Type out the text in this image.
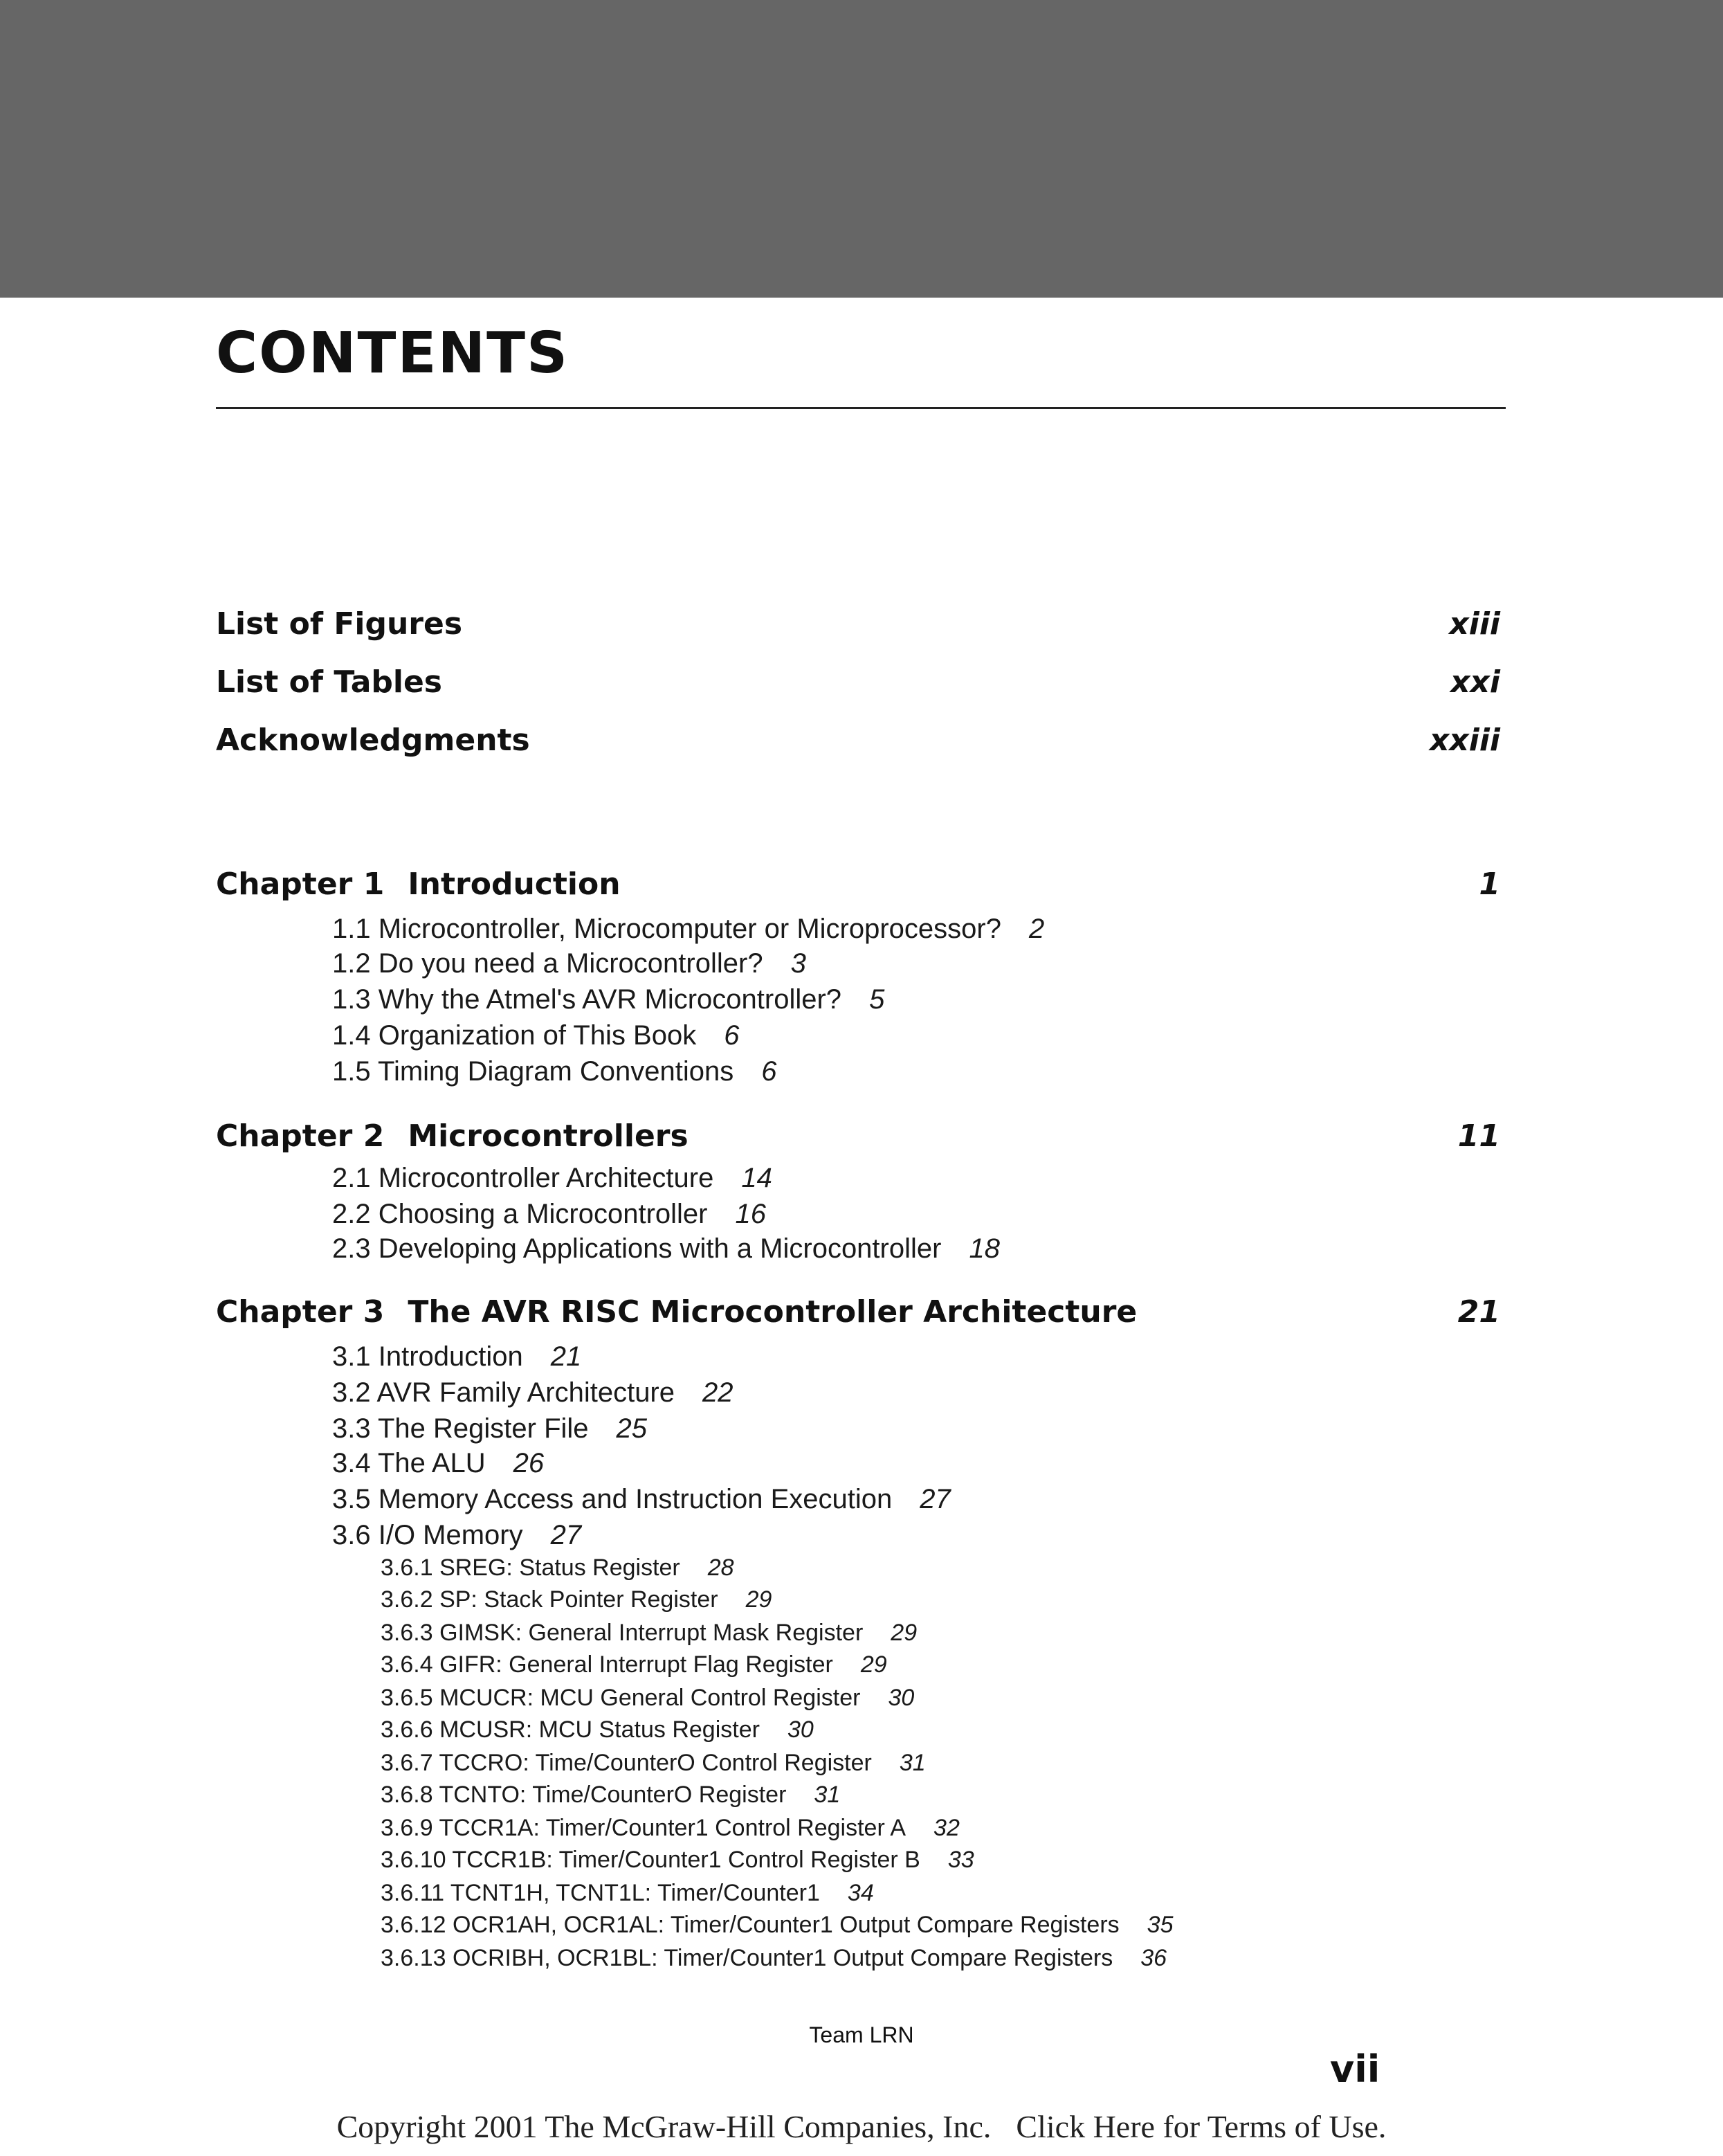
CONTENTS
List of Figures	xiii
List of Tables	xxi
Acknowledgments	xxiii
Chapter 1 Introduction	1
1.1 Microcontroller, Microcomputer or Microprocessor? 2
1.2 Do you need a Microcontroller? 3
1.3 Why the Atmel's AVR Microcontroller? 5
1.4 Organization of This Book 6
1.5 Timing Diagram Conventions 6
Chapter 2 Microcontrollers	11
2.1 Microcontroller Architecture 14
2.2 Choosing a Microcontroller 16
2.3 Developing Applications with a Microcontroller 18
Chapter 3 The AVR RISC Microcontroller Architecture	21
3.1 Introduction 21
3.2 AVR Family Architecture 22
3.3 The Register File 25
3.4 The ALU 26
3.5 Memory Access and Instruction Execution 27
3.6 I/O Memory 27
3.6.1 SREG: Status Register 28
3.6.2 SP: Stack Pointer Register 29
3.6.3 GIMSK: General Interrupt Mask Register 29
3.6.4 GIFR: General Interrupt Flag Register 29
3.6.5 MCUCR: MCU General Control Register 30
3.6.6 MCUSR: MCU Status Register 30
3.6.7 TCCRO: Time/CounterO Control Register 31
3.6.8 TCNTO: Time/CounterO Register 31
3.6.9 TCCR1A: Timer/Counter1 Control Register A 32
3.6.10 TCCR1B: Timer/Counter1 Control Register B 33
3.6.11 TCNT1H, TCNT1L: Timer/Counter1 34
3.6.12 OCR1AH, OCR1AL: Timer/Counter1 Output Compare Registers 35
3.6.13 OCRIBH, OCR1BL: Timer/Counter1 Output Compare Registers 36
Team LRN
vii
Copyright 2001 The McGraw-Hill Companies, Inc. Click Here for Terms of Use.
